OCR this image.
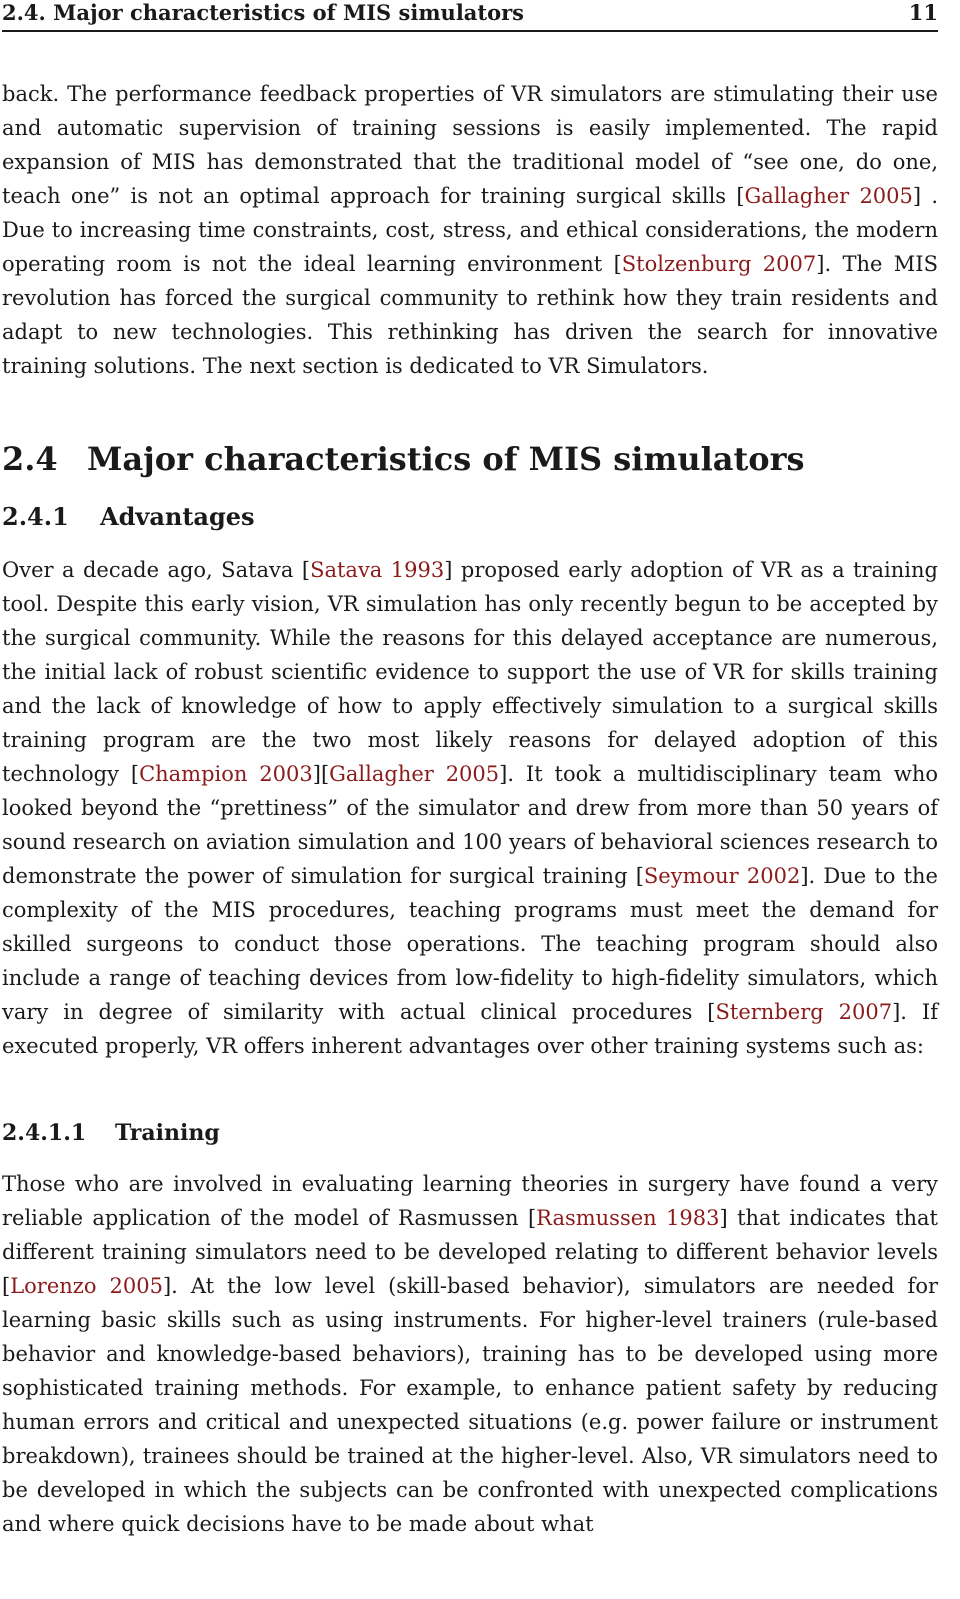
2.4. Major characteristics of MIS simulators	11

back. The performance feedback properties of VR simulators are stimulating their use and automatic supervision of training sessions is easily implemented. The rapid expansion of MIS has demonstrated that the traditional model of “see one, do one, teach one” is not an optimal approach for training surgical skills [Gallagher 2005] . Due to increasing time constraints, cost, stress, and ethical considerations, the modern operating room is not the ideal learning environment [Stolzenburg 2007]. The MIS revolution has forced the surgical community to rethink how they train residents and adapt to new technologies. This rethinking has driven the search for innovative training solutions. The next section is dedicated to VR Simulators.

2.4 Major characteristics of MIS simulators
2.4.1 Advantages

Over a decade ago, Satava [Satava 1993] proposed early adoption of VR as a training tool. Despite this early vision, VR simulation has only recently begun to be accepted by the surgical community. While the reasons for this delayed acceptance are numerous, the initial lack of robust scientific evidence to support the use of VR for skills training and the lack of knowledge of how to apply effectively simulation to a surgical skills training program are the two most likely reasons for delayed adoption of this technology [Champion 2003][Gallagher 2005]. It took a multidisciplinary team who looked beyond the “prettiness” of the simulator and drew from more than 50 years of sound research on aviation simulation and 100 years of behavioral sciences research to demonstrate the power of simulation for surgical training [Seymour 2002]. Due to the complexity of the MIS procedures, teaching programs must meet the demand for skilled surgeons to conduct those operations. The teaching program should also include a range of teaching devices from low-fidelity to high-fidelity simulators, which vary in degree of similarity with actual clinical procedures [Sternberg 2007]. If executed properly, VR offers inherent advantages over other training systems such as:

2.4.1.1 Training

Those who are involved in evaluating learning theories in surgery have found a very reliable application of the model of Rasmussen [Rasmussen 1983] that indicates that different training simulators need to be developed relating to different behavior levels [Lorenzo 2005]. At the low level (skill-based behavior), simulators are needed for learning basic skills such as using instruments. For higher-level trainers (rule-based behavior and knowledge-based behaviors), training has to be developed using more sophisticated training methods. For example, to enhance patient safety by reducing human errors and critical and unexpected situations (e.g. power failure or instrument breakdown), trainees should be trained at the higher-level. Also, VR simulators need to be developed in which the subjects can be confronted with unexpected complications and where quick decisions have to be made about what
